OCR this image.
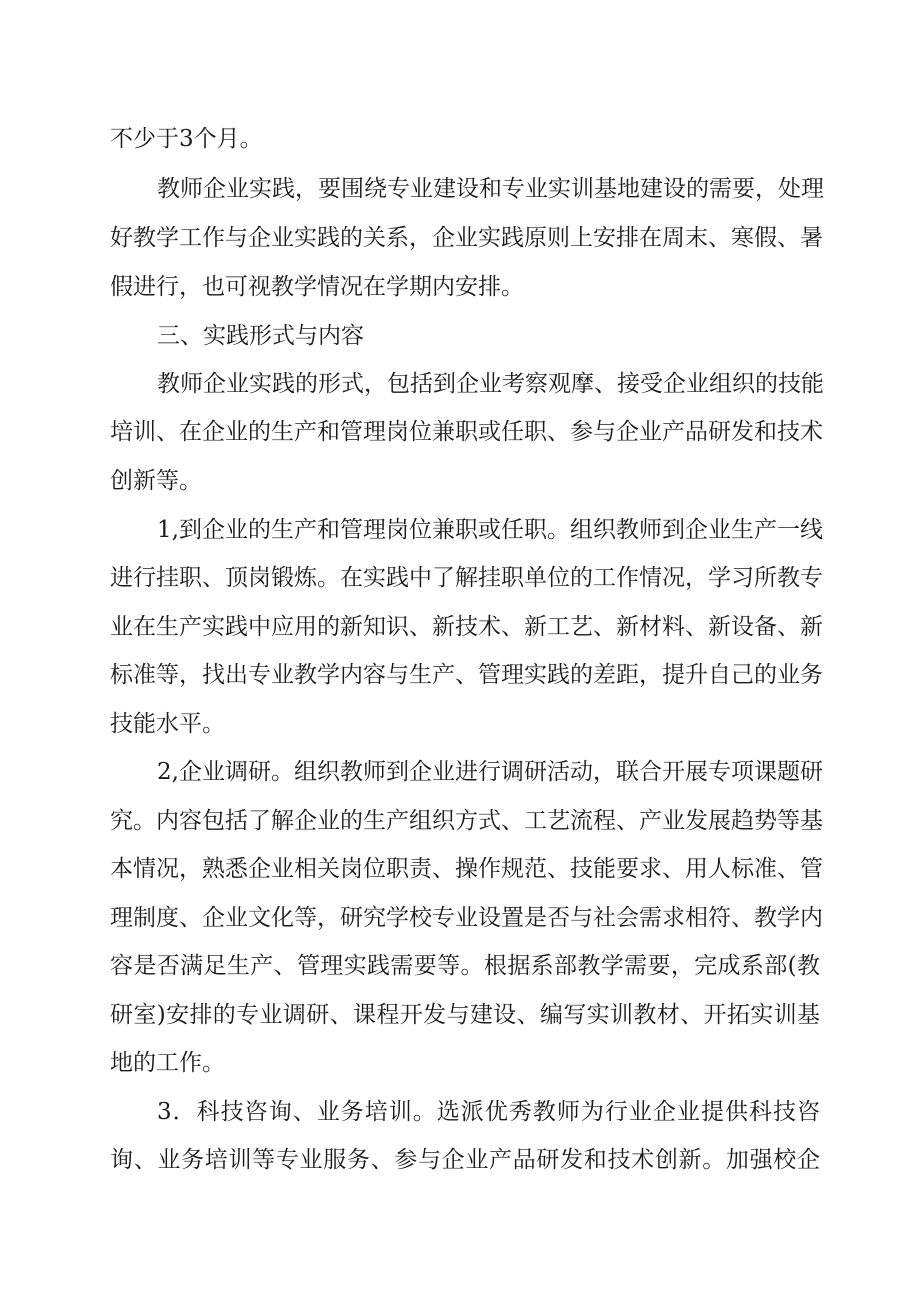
不少于3个月。
教师企业实践，要围绕专业建设和专业实训基地建设的需要，处理
好教学工作与企业实践的关系，企业实践原则上安排在周末、寒假、暑
假进行，也可视教学情况在学期内安排。
三、实践形式与内容
教师企业实践的形式，包括到企业考察观摩、接受企业组织的技能
培训、在企业的生产和管理岗位兼职或任职、参与企业产品研发和技术
创新等。
1,到企业的生产和管理岗位兼职或任职。组织教师到企业生产一线
进行挂职、顶岗锻炼。在实践中了解挂职单位的工作情况，学习所教专
业在生产实践中应用的新知识、新技术、新工艺、新材料、新设备、新
标准等，找出专业教学内容与生产、管理实践的差距，提升自己的业务
技能水平。
2,企业调研。组织教师到企业进行调研活动，联合开展专项课题研
究。内容包括了解企业的生产组织方式、工艺流程、产业发展趋势等基
本情况，熟悉企业相关岗位职责、操作规范、技能要求、用人标准、管
理制度、企业文化等，研究学校专业设置是否与社会需求相符、教学内
容是否满足生产、管理实践需要等。根据系部教学需要，完成系部(教
研室)安排的专业调研、课程开发与建设、编写实训教材、开拓实训基
地的工作。
3．科技咨询、业务培训。选派优秀教师为行业企业提供科技咨
询、业务培训等专业服务、参与企业产品研发和技术创新。加强校企
